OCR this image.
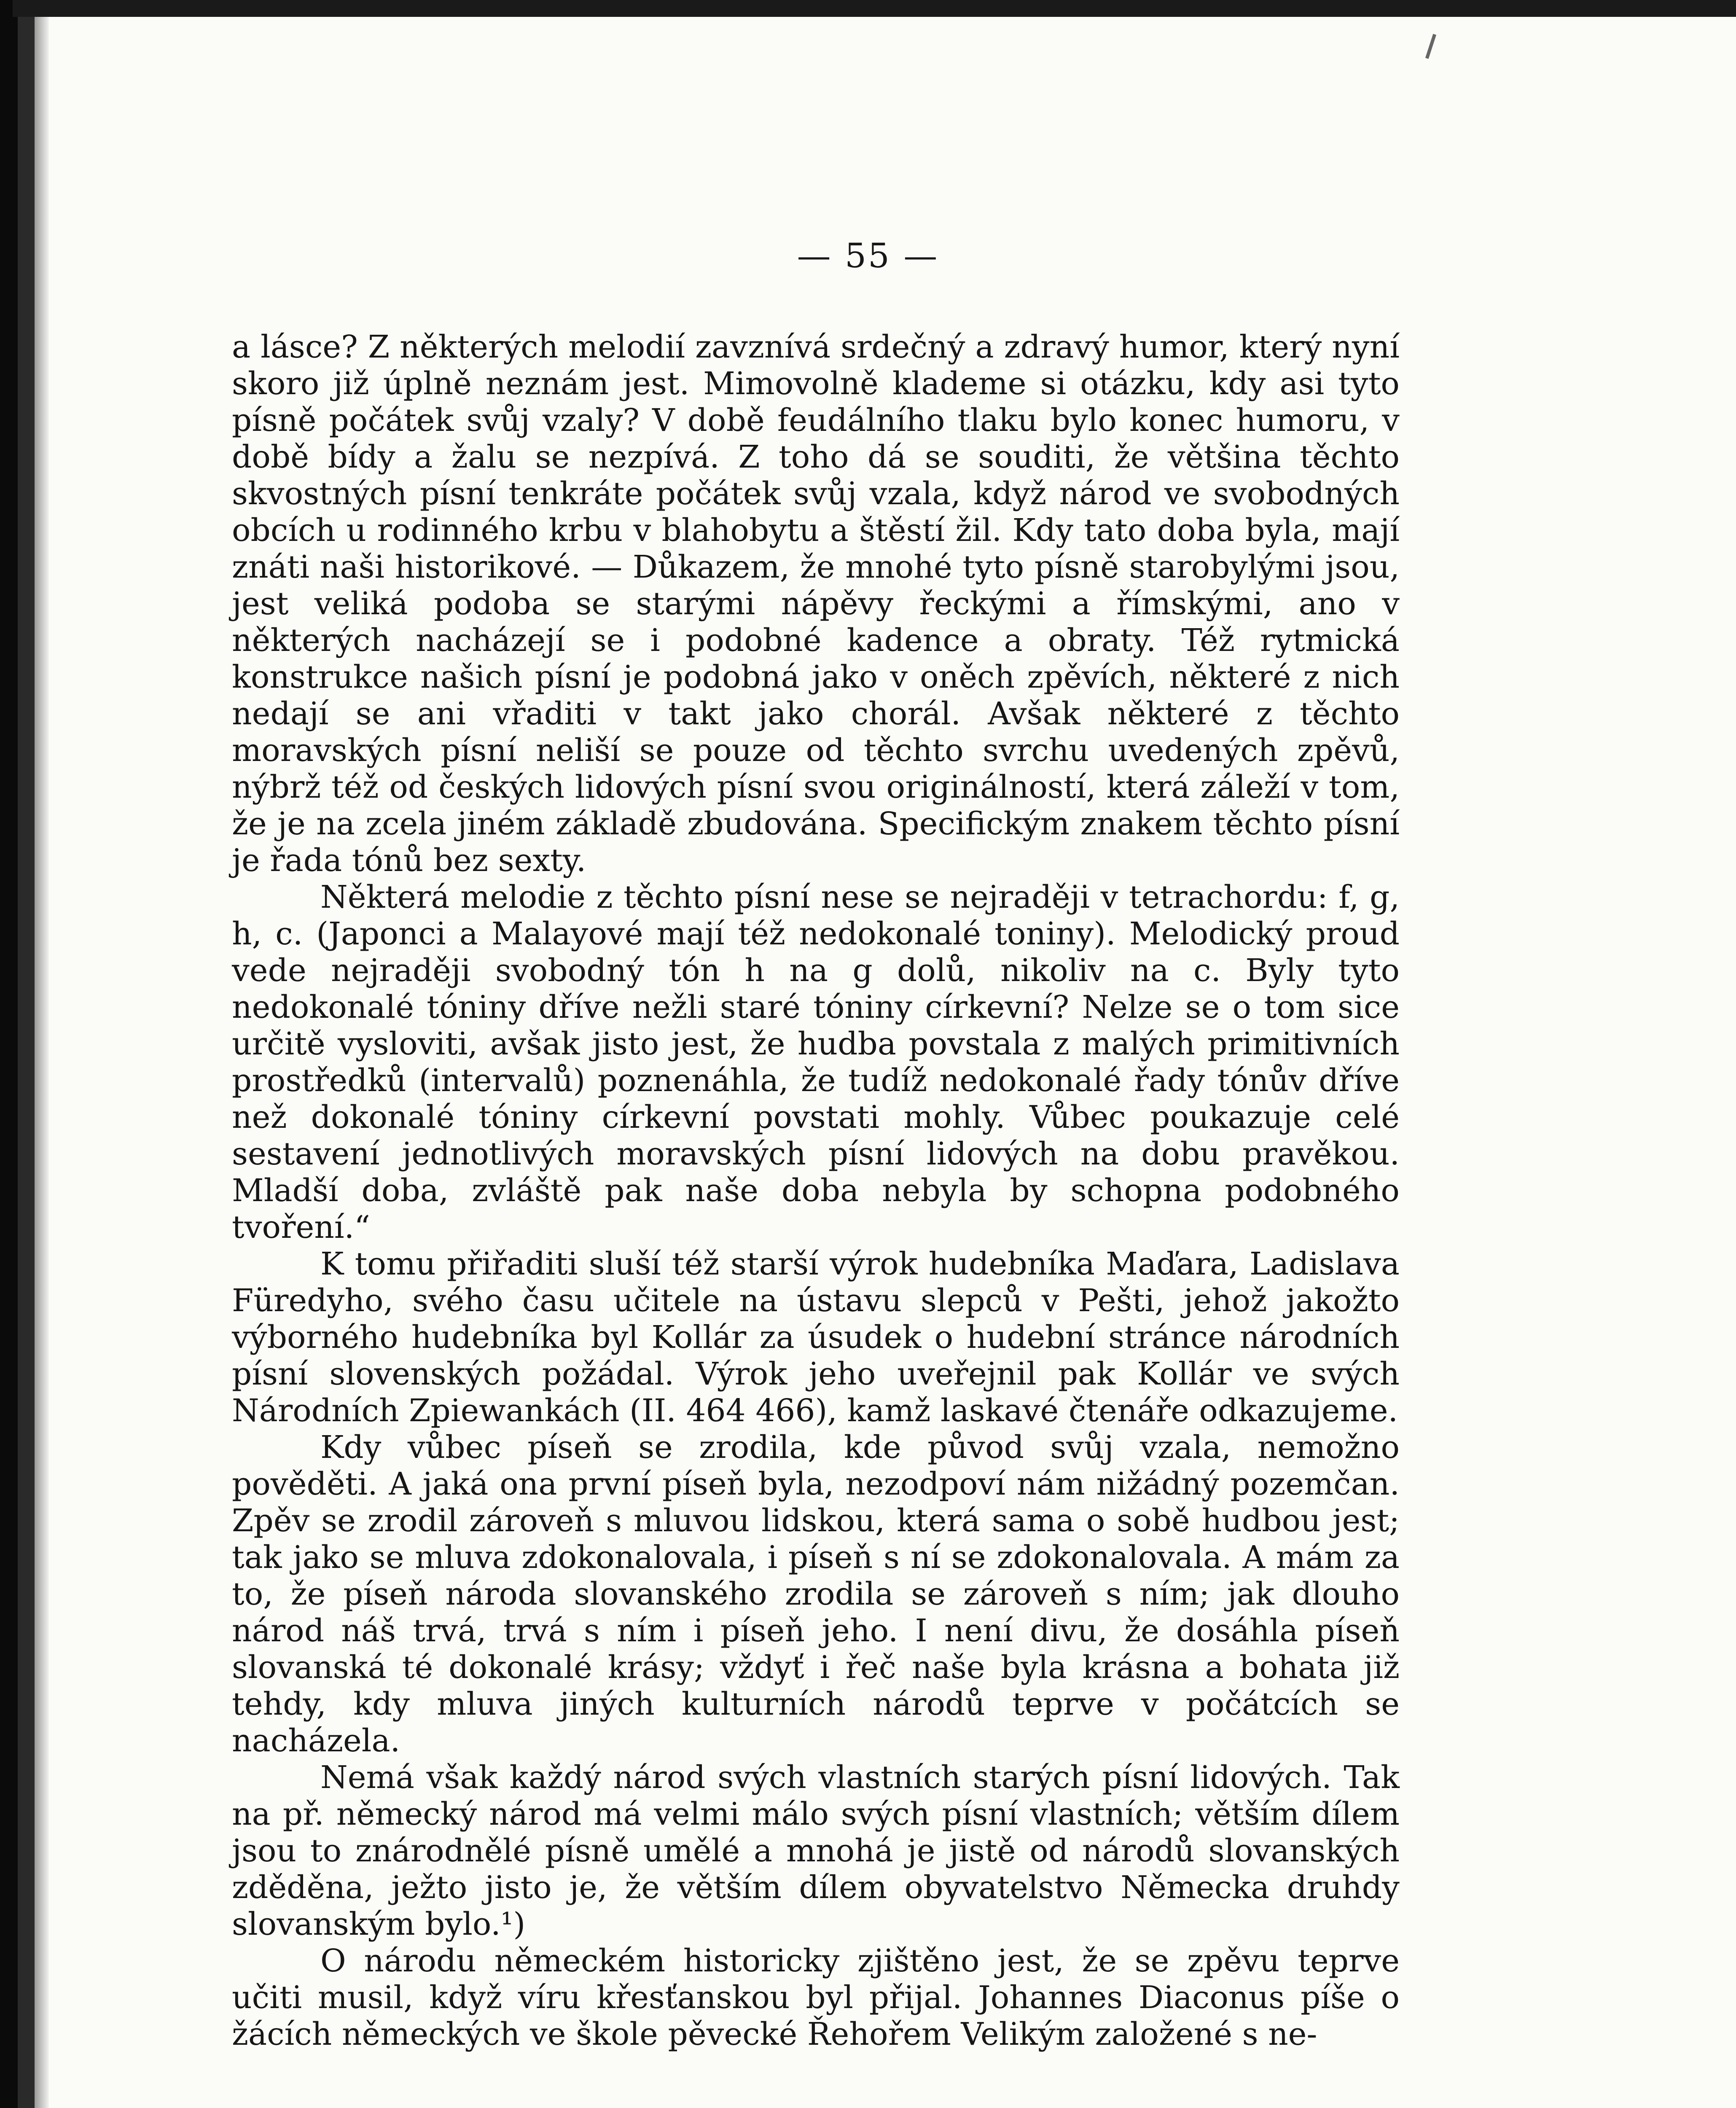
— 55 —

a lásce? Z některých melodií zavznívá srdečný a zdravý humor, který nyní skoro již úplně neznám jest. Mimovolně klademe si otázku, kdy asi tyto písně počátek svůj vzaly? V době feudálního tlaku bylo konec humoru, v době bídy a žalu se nezpívá. Z toho dá se souditi, že většina těchto skvostných písní tenkráte počátek svůj vzala, když národ ve svobodných obcích u rodinného krbu v blahobytu a štěstí žil. Kdy tato doba byla, mají znáti naši historikové. — Důkazem, že mnohé tyto písně starobylými jsou, jest veliká podoba se starými nápěvy řeckými a římskými, ano v některých nacházejí se i podobné kadence a obraty. Též rytmická konstrukce našich písní je podobná jako v oněch zpěvích, některé z nich nedají se ani vřaditi v takt jako chorál. Avšak některé z těchto moravských písní neliší se pouze od těchto svrchu uvedených zpěvů, nýbrž též od českých lidových písní svou originálností, která záleží v tom, že je na zcela jiném základě zbudována. Specifickým znakem těchto písní je řada tónů bez sexty.

Některá melodie z těchto písní nese se nejraději v tetrachordu: f, g, h, c. (Japonci a Malayové mají též nedokonalé toniny). Melodický proud vede nejraději svobodný tón h na g dolů, nikoliv na c. Byly tyto nedokonalé tóniny dříve nežli staré tóniny církevní? Nelze se o tom sice určitě vysloviti, avšak jisto jest, že hudba povstala z malých primitivních prostředků (intervalů) poznenáhla, že tudíž nedokonalé řady tónův dříve než dokonalé tóniny církevní povstati mohly. Vůbec poukazuje celé sestavení jednotlivých moravských písní lidových na dobu pravěkou. Mladší doba, zvláště pak naše doba nebyla by schopna podobného tvoření.“

K tomu přiřaditi sluší též starší výrok hudebníka Maďara, Ladislava Füredyho, svého času učitele na ústavu slepců v Pešti, jehož jakožto výborného hudebníka byl Kollár za úsudek o hudební stránce národních písní slovenských požádal. Výrok jeho uveřejnil pak Kollár ve svých Národních Zpiewankách (II. 464 466), kamž laskavé čtenáře odkazujeme.

Kdy vůbec píseň se zrodila, kde původ svůj vzala, nemožno pověděti. A jaká ona první píseň byla, nezodpoví nám nižádný pozemčan. Zpěv se zrodil zároveň s mluvou lidskou, která sama o sobě hudbou jest; tak jako se mluva zdokonalovala, i píseň s ní se zdokonalovala. A mám za to, že píseň národa slovanského zrodila se zároveň s ním; jak dlouho národ náš trvá, trvá s ním i píseň jeho. I není divu, že dosáhla píseň slovanská té dokonalé krásy; vždyť i řeč naše byla krásna a bohata již tehdy, kdy mluva jiných kulturních národů teprve v počátcích se nacházela.

Nemá však každý národ svých vlastních starých písní lidových. Tak na př. německý národ má velmi málo svých písní vlastních; větším dílem jsou to znárodnělé písně umělé a mnohá je jistě od národů slovanských zděděna, ježto jisto je, že větším dílem obyvatelstvo Německa druhdy slovanským bylo.¹)

O národu německém historicky zjištěno jest, že se zpěvu teprve učiti musil, když víru křesťanskou byl přijal. Johannes Diaconus píše o žácích německých ve škole pěvecké Řehořem Velikým založené s ne-
